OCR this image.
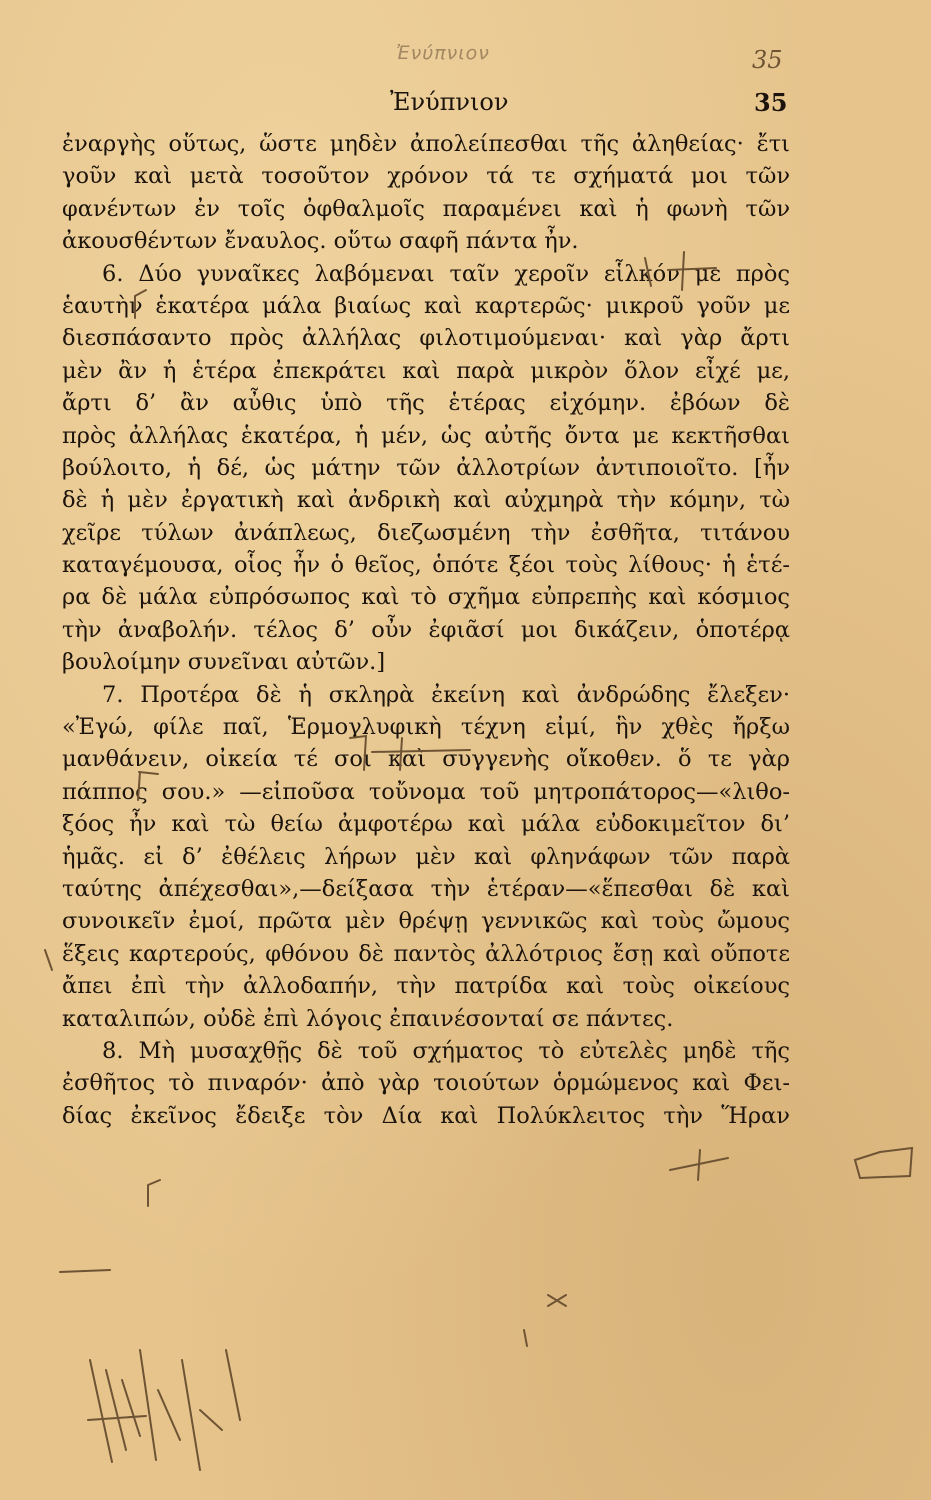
Ἐνύπνιον	35
Ἐνύπνιον	35
ἐναργὴς οὕτως, ὥστε μηδὲν ἀπολείπεσθαι τῆς ἀληθείας· ἔτι
γοῦν καὶ μετὰ τοσοῦτον χρόνον τά τε σχήματά μοι τῶν
φανέντων ἐν τοῖς ὀφθαλμοῖς παραμένει καὶ ἡ φωνὴ τῶν
ἀκουσθέντων ἔναυλος. οὕτω σαφῆ πάντα ἦν.
6. Δύο γυναῖκες λαβόμεναι ταῖν χεροῖν εἷλκόν με πρὸς
ἑαυτὴν ἑκατέρα μάλα βιαίως καὶ καρτερῶς· μικροῦ γοῦν με
διεσπάσαντο πρὸς ἀλλήλας φιλοτιμούμεναι· καὶ γὰρ ἄρτι
μὲν ἂν ἡ ἑτέρα ἐπεκράτει καὶ παρὰ μικρὸν ὅλον εἶχέ με,
ἄρτι δ’ ἂν αὖθις ὑπὸ τῆς ἑτέρας εἰχόμην. ἐβόων δὲ
πρὸς ἀλλήλας ἑκατέρα, ἡ μέν, ὡς αὐτῆς ὄντα με κεκτῆσθαι
βούλοιτο, ἡ δέ, ὡς μάτην τῶν ἀλλοτρίων ἀντιποιοῖτο. [ἦν
δὲ ἡ μὲν ἐργατικὴ καὶ ἀνδρικὴ καὶ αὐχμηρὰ τὴν κόμην, τὼ
χεῖρε τύλων ἀνάπλεως, διεζωσμένη τὴν ἐσθῆτα, τιτάνου
καταγέμουσα, οἷος ἦν ὁ θεῖος, ὁπότε ξέοι τοὺς λίθους· ἡ ἑτέ-
ρα δὲ μάλα εὐπρόσωπος καὶ τὸ σχῆμα εὐπρεπὴς καὶ κόσμιος
τὴν ἀναβολήν. τέλος δ’ οὖν ἐφιᾶσί μοι δικάζειν, ὁποτέρᾳ
βουλοίμην συνεῖναι αὐτῶν.]
7. Προτέρα δὲ ἡ σκληρὰ ἐκείνη καὶ ἀνδρώδης ἔλεξεν·
«Ἐγώ, φίλε παῖ, Ἑρμογλυφικὴ τέχνη εἰμί, ἣν χθὲς ἤρξω
μανθάνειν, οἰκεία τέ σοι καὶ συγγενὴς οἴκοθεν. ὅ τε γὰρ
πάππος σου.» —εἰποῦσα τοὔνομα τοῦ μητροπάτορος—«λιθο-
ξόος ἦν καὶ τὼ θείω ἀμφοτέρω καὶ μάλα εὐδοκιμεῖτον δι’
ἡμᾶς. εἰ δ’ ἐθέλεις λήρων μὲν καὶ φληνάφων τῶν παρὰ
ταύτης ἀπέχεσθαι»,—δείξασα τὴν ἑτέραν—«ἕπεσθαι δὲ καὶ
συνοικεῖν ἐμοί, πρῶτα μὲν θρέψῃ γεννικῶς καὶ τοὺς ὤμους
ἕξεις καρτερούς, φθόνου δὲ παντὸς ἀλλότριος ἔσῃ καὶ οὔποτε
ἄπει ἐπὶ τὴν ἀλλοδαπήν, τὴν πατρίδα καὶ τοὺς οἰκείους
καταλιπών, οὐδὲ ἐπὶ λόγοις ἐπαινέσονταί σε πάντες.
8. Μὴ μυσαχθῇς δὲ τοῦ σχήματος τὸ εὐτελὲς μηδὲ τῆς
ἐσθῆτος τὸ πιναρόν· ἀπὸ γὰρ τοιούτων ὁρμώμενος καὶ Φει-
δίας ἐκεῖνος ἔδειξε τὸν Δία καὶ Πολύκλειτος τὴν Ἥραν
